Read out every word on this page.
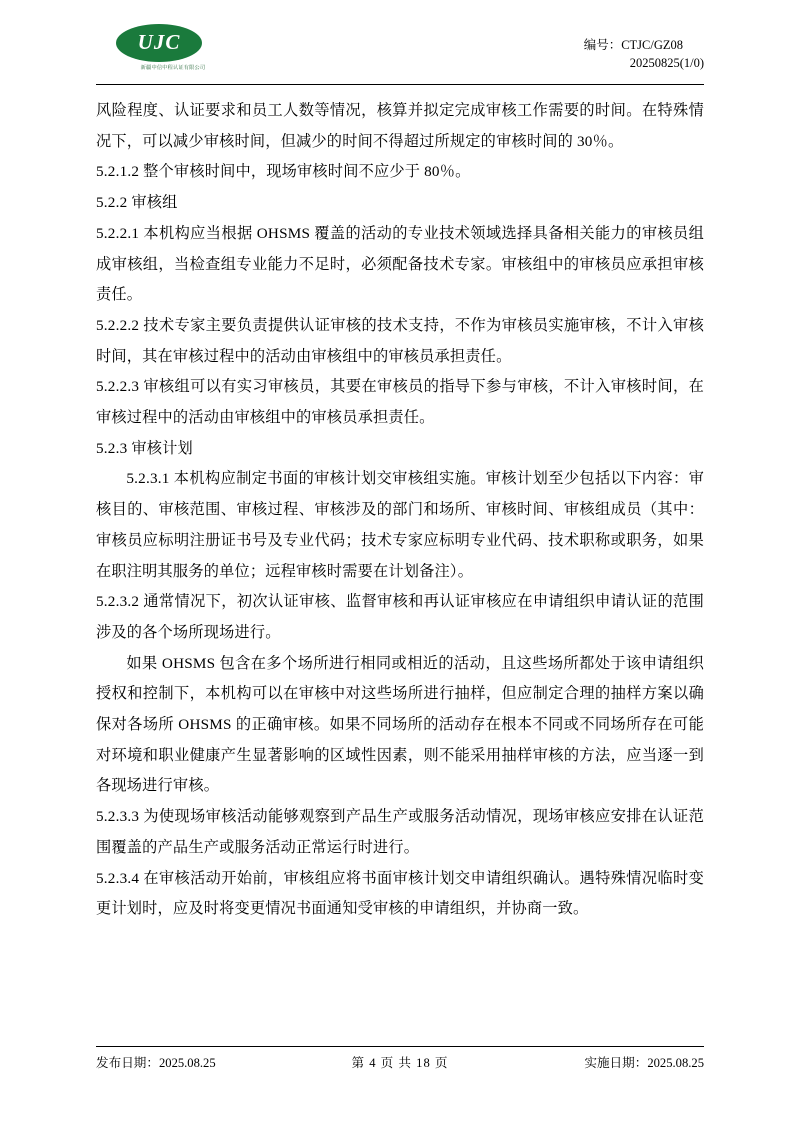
UJC
新疆中信中程认证有限公司
编号：CTJC/GZ08
20250825(1/0)

风险程度、认证要求和员工人数等情况，核算并拟定完成审核工作需要的时间。在特殊情况下，可以减少审核时间，但减少的时间不得超过所规定的审核时间的 30％。

5.2.1.2 整个审核时间中，现场审核时间不应少于 80％。

5.2.2 审核组

5.2.2.1 本机构应当根据 OHSMS 覆盖的活动的专业技术领域选择具备相关能力的审核员组成审核组，当检查组专业能力不足时，必须配备技术专家。审核组中的审核员应承担审核责任。

5.2.2.2 技术专家主要负责提供认证审核的技术支持，不作为审核员实施审核，不计入审核时间，其在审核过程中的活动由审核组中的审核员承担责任。

5.2.2.3 审核组可以有实习审核员，其要在审核员的指导下参与审核，不计入审核时间，在审核过程中的活动由审核组中的审核员承担责任。

5.2.3 审核计划

5.2.3.1 本机构应制定书面的审核计划交审核组实施。审核计划至少包括以下内容：审核目的、审核范围、审核过程、审核涉及的部门和场所、审核时间、审核组成员（其中：审核员应标明注册证书号及专业代码；技术专家应标明专业代码、技术职称或职务，如果在职注明其服务的单位；远程审核时需要在计划备注）。

5.2.3.2 通常情况下，初次认证审核、监督审核和再认证审核应在申请组织申请认证的范围涉及的各个场所现场进行。

如果 OHSMS 包含在多个场所进行相同或相近的活动，且这些场所都处于该申请组织授权和控制下，本机构可以在审核中对这些场所进行抽样，但应制定合理的抽样方案以确保对各场所 OHSMS 的正确审核。如果不同场所的活动存在根本不同或不同场所存在可能对环境和职业健康产生显著影响的区域性因素，则不能采用抽样审核的方法，应当逐一到各现场进行审核。

5.2.3.3 为使现场审核活动能够观察到产品生产或服务活动情况，现场审核应安排在认证范围覆盖的产品生产或服务活动正常运行时进行。

5.2.3.4 在审核活动开始前，审核组应将书面审核计划交申请组织确认。遇特殊情况临时变更计划时，应及时将变更情况书面通知受审核的申请组织，并协商一致。

发布日期：2025.08.25	第 4 页 共 18 页	实施日期：2025.08.25
